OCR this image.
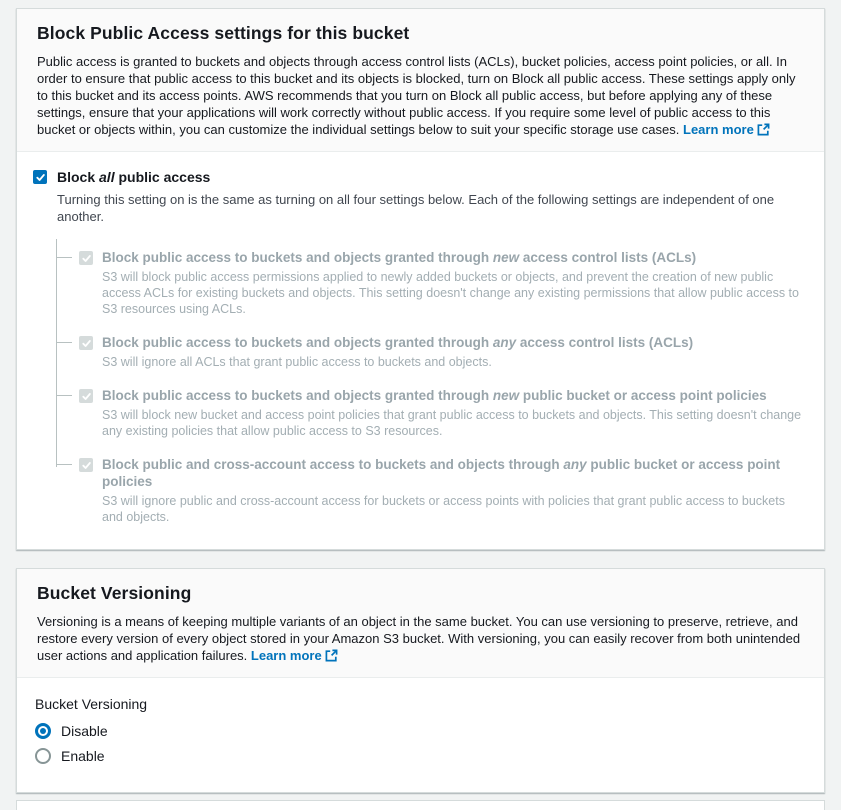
Block Public Access settings for this bucket

Public access is granted to buckets and objects through access control lists (ACLs), bucket policies, access point policies, or all. In order to ensure that public access to this bucket and its objects is blocked, turn on Block all public access. These settings apply only to this bucket and its access points. AWS recommends that you turn on Block all public access, but before applying any of these settings, ensure that your applications will work correctly without public access. If you require some level of public access to this bucket or objects within, you can customize the individual settings below to suit your specific storage use cases. Learn more

Block all public access

Turning this setting on is the same as turning on all four settings below. Each of the following settings are independent of one another.

Block public access to buckets and objects granted through new access control lists (ACLs)
S3 will block public access permissions applied to newly added buckets or objects, and prevent the creation of new public access ACLs for existing buckets and objects. This setting doesn't change any existing permissions that allow public access to S3 resources using ACLs.
Block public access to buckets and objects granted through any access control lists (ACLs)
S3 will ignore all ACLs that grant public access to buckets and objects.
Block public access to buckets and objects granted through new public bucket or access point policies
S3 will block new bucket and access point policies that grant public access to buckets and objects. This setting doesn't change any existing policies that allow public access to S3 resources.
Block public and cross-account access to buckets and objects through any public bucket or access point policies
S3 will ignore public and cross-account access for buckets or access points with policies that grant public access to buckets and objects.
Bucket Versioning

Versioning is a means of keeping multiple variants of an object in the same bucket. You can use versioning to preserve, retrieve, and restore every version of every object stored in your Amazon S3 bucket. With versioning, you can easily recover from both unintended user actions and application failures. Learn more

Bucket Versioning
Disable
Enable
